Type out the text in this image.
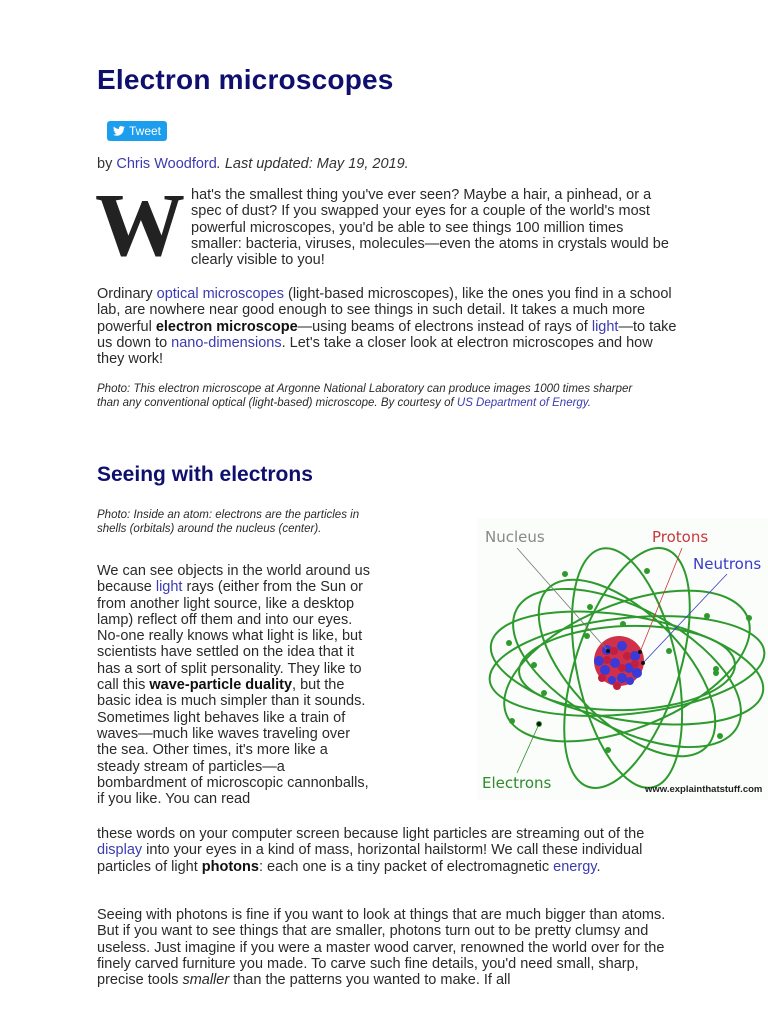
Electron microscopes
Tweet
by Chris Woodford. Last updated: May 19, 2019.

What's the smallest thing you've ever seen? Maybe a hair, a pinhead, or a spec of dust? If you swapped your eyes for a couple of the world's most powerful microscopes, you'd be able to see things 100 million times smaller: bacteria, viruses, molecules—even the atoms in crystals would be clearly visible to you!

Ordinary optical microscopes (light-based microscopes), like the ones you find in a school lab, are nowhere near good enough to see things in such detail. It takes a much more powerful electron microscope—using beams of electrons instead of rays of light—to take us down to nano-dimensions. Let's take a closer look at electron microscopes and how they work!

Photo: This electron microscope at Argonne National Laboratory can produce images 1000 times sharper than any conventional optical (light-based) microscope. By courtesy of US Department of Energy.

Seeing with electrons

Photo: Inside an atom: electrons are the particles in shells (orbitals) around the nucleus (center).

We can see objects in the world around us because light rays (either from the Sun or from another light source, like a desktop lamp) reflect off them and into our eyes. No-one really knows what light is like, but scientists have settled on the idea that it has a sort of split personality. They like to call this wave-particle duality, but the basic idea is much simpler than it sounds. Sometimes light behaves like a train of waves—much like waves traveling over the sea. Other times, it's more like a steady stream of particles—a bombardment of microscopic cannonballs, if you like. You can read

these words on your computer screen because light particles are streaming out of the display into your eyes in a kind of mass, horizontal hailstorm! We call these individual particles of light photons: each one is a tiny packet of electromagnetic energy.

Seeing with photons is fine if you want to look at things that are much bigger than atoms. But if you want to see things that are smaller, photons turn out to be pretty clumsy and useless. Just imagine if you were a master wood carver, renowned the world over for the finely carved furniture you made. To carve such fine details, you'd need small, sharp, precise tools smaller than the patterns you wanted to make. If all

Nucleus	Protons
Neutrons
Electrons	www.explainthatstuff.com
